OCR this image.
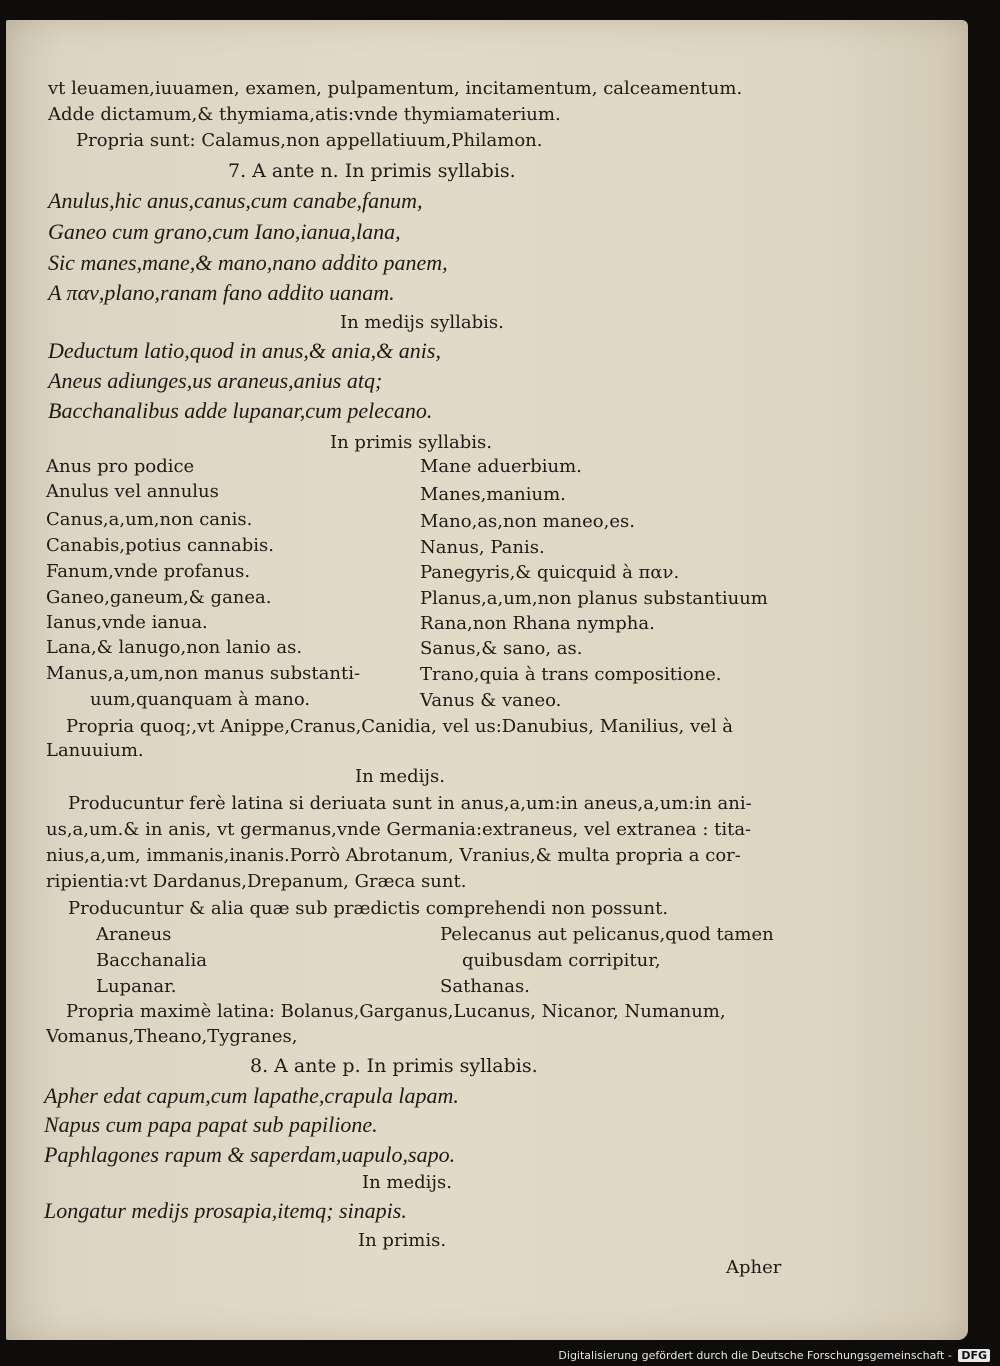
vt leuamen,iuuamen, examen, pulpamentum, incitamentum, calceamentum.
Adde dictamum,& thymiama,atis:vnde thymiamaterium.
Propria sunt: Calamus,non appellatiuum,Philamon.
7. A ante n. In primis syllabis.
Anulus,hic anus,canus,cum canabe,fanum,
Ganeo cum grano,cum Iano,ianua,lana,
Sic manes,mane,& mano,nano addito panem,
A παν,plano,ranam fano addito uanam.
In medijs syllabis.
Deductum latio,quod in anus,& ania,& anis,
Aneus adiunges,us araneus,anius atq;
Bacchanalibus adde lupanar,cum pelecano.
In primis syllabis.
Anus pro podice
Anulus vel annulus
Canus,a,um,non canis.
Canabis,potius cannabis.
Fanum,vnde profanus.
Ganeo,ganeum,& ganea.
Ianus,vnde ianua.
Lana,& lanugo,non lanio as.
Manus,a,um,non manus substanti-
uum,quanquam à mano.
Mane aduerbium.
Manes,manium.
Mano,as,non maneo,es.
Nanus, Panis.
Panegyris,& quicquid à παν.
Planus,a,um,non planus substantiuum
Rana,non Rhana nympha.
Sanus,& sano, as.
Trano,quia à trans compositione.
Vanus & vaneo.
Propria quoq;,vt Anippe,Cranus,Canidia, vel us:Danubius, Manilius, vel à
Lanuuium.
In medijs.
Producuntur ferè latina si deriuata sunt in anus,a,um:in aneus,a,um:in ani-
us,a,um.& in anis, vt germanus,vnde Germania:extraneus, vel extranea : tita-
nius,a,um, immanis,inanis.Porrò Abrotanum, Vranius,& multa propria a cor-
ripientia:vt Dardanus,Drepanum, Græca sunt.
Producuntur & alia quæ sub prædictis comprehendi non possunt.
Araneus
Bacchanalia
Lupanar.
Pelecanus aut pelicanus,quod tamen
quibusdam corripitur,
Sathanas.
Propria maximè latina: Bolanus,Garganus,Lucanus, Nicanor, Numanum,
Vomanus,Theano,Tygranes,
8. A ante p. In primis syllabis.
Apher edat capum,cum lapathe,crapula lapam.
Napus cum papa papat sub papilione.
Paphlagones rapum & saperdam,uapulo,sapo.
In medijs.
Longatur medijs prosapia,itemq; sinapis.
In primis.
Apher
Digitalisierung gefördert durch die Deutsche Forschungsgemeinschaft - DFG
